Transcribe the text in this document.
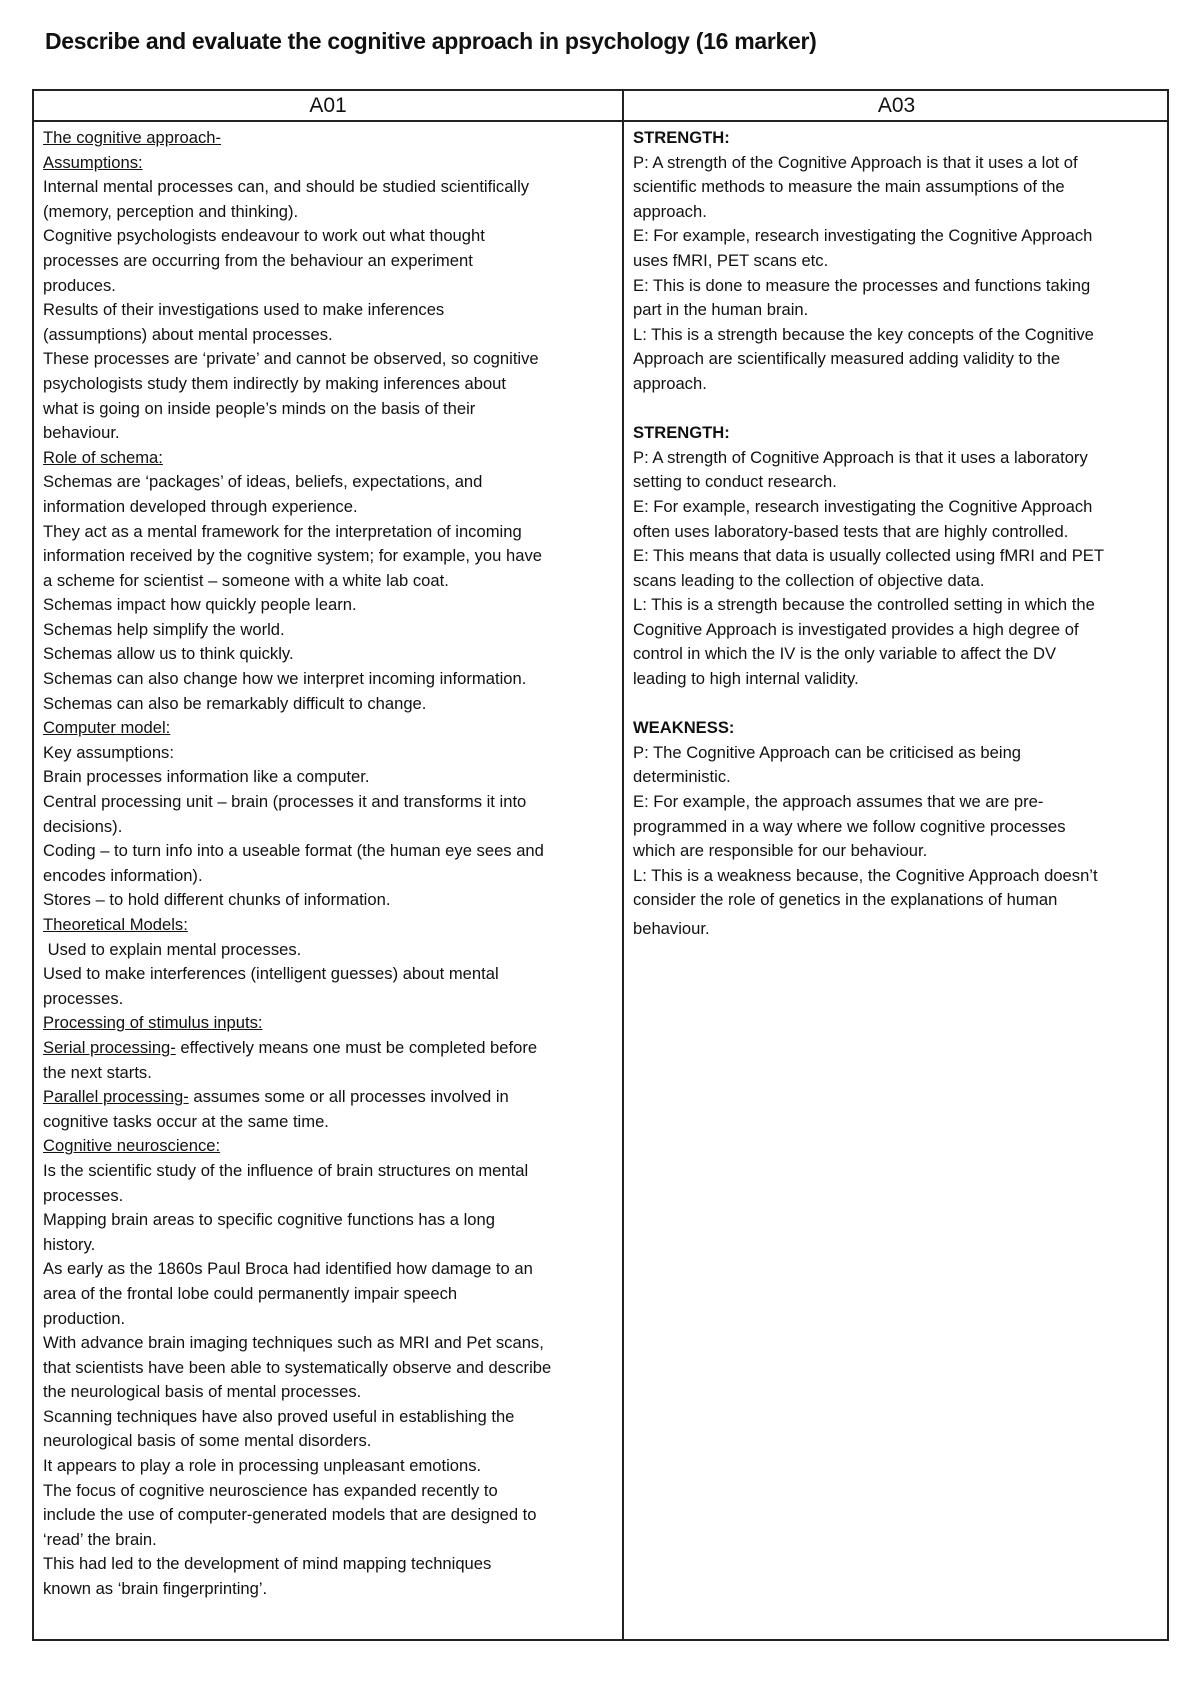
Describe and evaluate the cognitive approach in psychology (16 marker)
A01	A03
The cognitive approach-
Assumptions:
Internal mental processes can, and should be studied scientifically
(memory, perception and thinking).
Cognitive psychologists endeavour to work out what thought
processes are occurring from the behaviour an experiment
produces.
Results of their investigations used to make inferences
(assumptions) about mental processes.
These processes are ‘private’ and cannot be observed, so cognitive
psychologists study them indirectly by making inferences about
what is going on inside people’s minds on the basis of their
behaviour.
Role of schema:
Schemas are ‘packages’ of ideas, beliefs, expectations, and
information developed through experience.
They act as a mental framework for the interpretation of incoming
information received by the cognitive system; for example, you have
a scheme for scientist – someone with a white lab coat.
Schemas impact how quickly people learn.
Schemas help simplify the world.
Schemas allow us to think quickly.
Schemas can also change how we interpret incoming information.
Schemas can also be remarkably difficult to change.
Computer model:
Key assumptions:
Brain processes information like a computer.
Central processing unit – brain (processes it and transforms it into
decisions).
Coding – to turn info into a useable format (the human eye sees and
encodes information).
Stores – to hold different chunks of information.
Theoretical Models:
Used to explain mental processes.
Used to make interferences (intelligent guesses) about mental
processes.
Processing of stimulus inputs:
Serial processing- effectively means one must be completed before
the next starts.
Parallel processing- assumes some or all processes involved in
cognitive tasks occur at the same time.
Cognitive neuroscience:
Is the scientific study of the influence of brain structures on mental
processes.
Mapping brain areas to specific cognitive functions has a long
history.
As early as the 1860s Paul Broca had identified how damage to an
area of the frontal lobe could permanently impair speech
production.
With advance brain imaging techniques such as MRI and Pet scans,
that scientists have been able to systematically observe and describe
the neurological basis of mental processes.
Scanning techniques have also proved useful in establishing the
neurological basis of some mental disorders.
It appears to play a role in processing unpleasant emotions.
The focus of cognitive neuroscience has expanded recently to
include the use of computer-generated models that are designed to
‘read’ the brain.
This had led to the development of mind mapping techniques
known as ‘brain fingerprinting’.
STRENGTH:
P: A strength of the Cognitive Approach is that it uses a lot of
scientific methods to measure the main assumptions of the
approach.
E: For example, research investigating the Cognitive Approach
uses fMRI, PET scans etc.
E: This is done to measure the processes and functions taking
part in the human brain.
L: This is a strength because the key concepts of the Cognitive
Approach are scientifically measured adding validity to the
approach.
STRENGTH:
P: A strength of Cognitive Approach is that it uses a laboratory
setting to conduct research.
E: For example, research investigating the Cognitive Approach
often uses laboratory-based tests that are highly controlled.
E: This means that data is usually collected using fMRI and PET
scans leading to the collection of objective data.
L: This is a strength because the controlled setting in which the
Cognitive Approach is investigated provides a high degree of
control in which the IV is the only variable to affect the DV
leading to high internal validity.
WEAKNESS:
P: The Cognitive Approach can be criticised as being
deterministic.
E: For example, the approach assumes that we are pre-
programmed in a way where we follow cognitive processes
which are responsible for our behaviour.
L: This is a weakness because, the Cognitive Approach doesn’t
consider the role of genetics in the explanations of human
behaviour.
